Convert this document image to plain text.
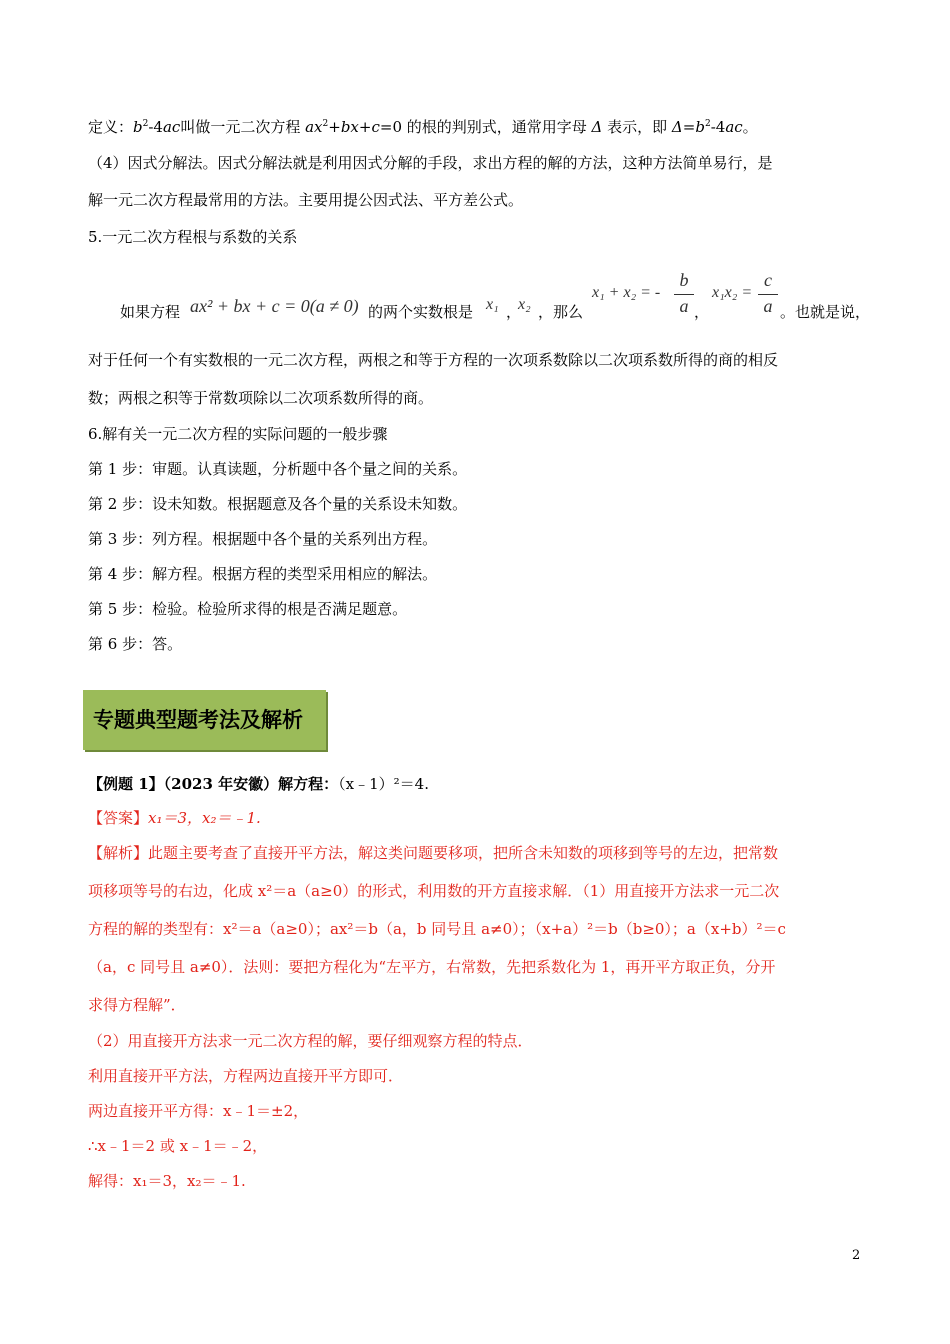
定义：$b^2-4ac$叫做一元二次方程 $ax^2+bx+c=0$ 的根的判别式，通常用字母 Δ 表示，即 $\Delta=b^2-4ac$。
（4）因式分解法。因式分解法就是利用因式分解的手段，求出方程的解的方法，这种方法简单易行，是
解一元二次方程最常用的方法。主要用提公因式法、平方差公式。
5.一元二次方程根与系数的关系
如果方程 ax² + bx + c = 0(a ≠ 0) 的两个实数根是 x₁ ，
x₂ ，那么
x₁ + x₂ = -
b
a ，
x₁x₂ =
c
a 。也就是说，
对于任何一个有实数根的一元二次方程，两根之和等于方程的一次项系数除以二次项系数所得的商的相反
数；两根之积等于常数项除以二次项系数所得的商。
6.解有关一元二次方程的实际问题的一般步骤
第 1 步：审题。认真读题，分析题中各个量之间的关系。
第 2 步：设未知数。根据题意及各个量的关系设未知数。
第 3 步：列方程。根据题中各个量的关系列出方程。
第 4 步：解方程。根据方程的类型采用相应的解法。
第 5 步：检验。检验所求得的根是否满足题意。
第 6 步：答。
专题典型题考法及解析
【例题 1】（2023 年安徽）解方程：（x﹣1）²＝4.
【答案】x₁＝3，x₂＝﹣1.
【解析】此题主要考查了直接开平方法，解这类问题要移项，把所含未知数的项移到等号的左边，把常数
项移项等号的右边，化成 x²＝a（a≥0）的形式，利用数的开方直接求解．（1）用直接开方法求一元二次
方程的解的类型有：x²＝a（a≥0）；ax²＝b（a，b 同号且 a≠0）；（x+a）²＝b（b≥0）；a（x+b）²＝c
（a，c 同号且 a≠0）．法则：要把方程化为“左平方，右常数，先把系数化为 1，再开平方取正负，分开
求得方程解”．
（2）用直接开方法求一元二次方程的解，要仔细观察方程的特点．
利用直接开平方法，方程两边直接开平方即可．
两边直接开平方得：x﹣1＝±2，
∴x﹣1＝2 或 x﹣1＝﹣2，
解得：x₁＝3，x₂＝﹣1.
2
